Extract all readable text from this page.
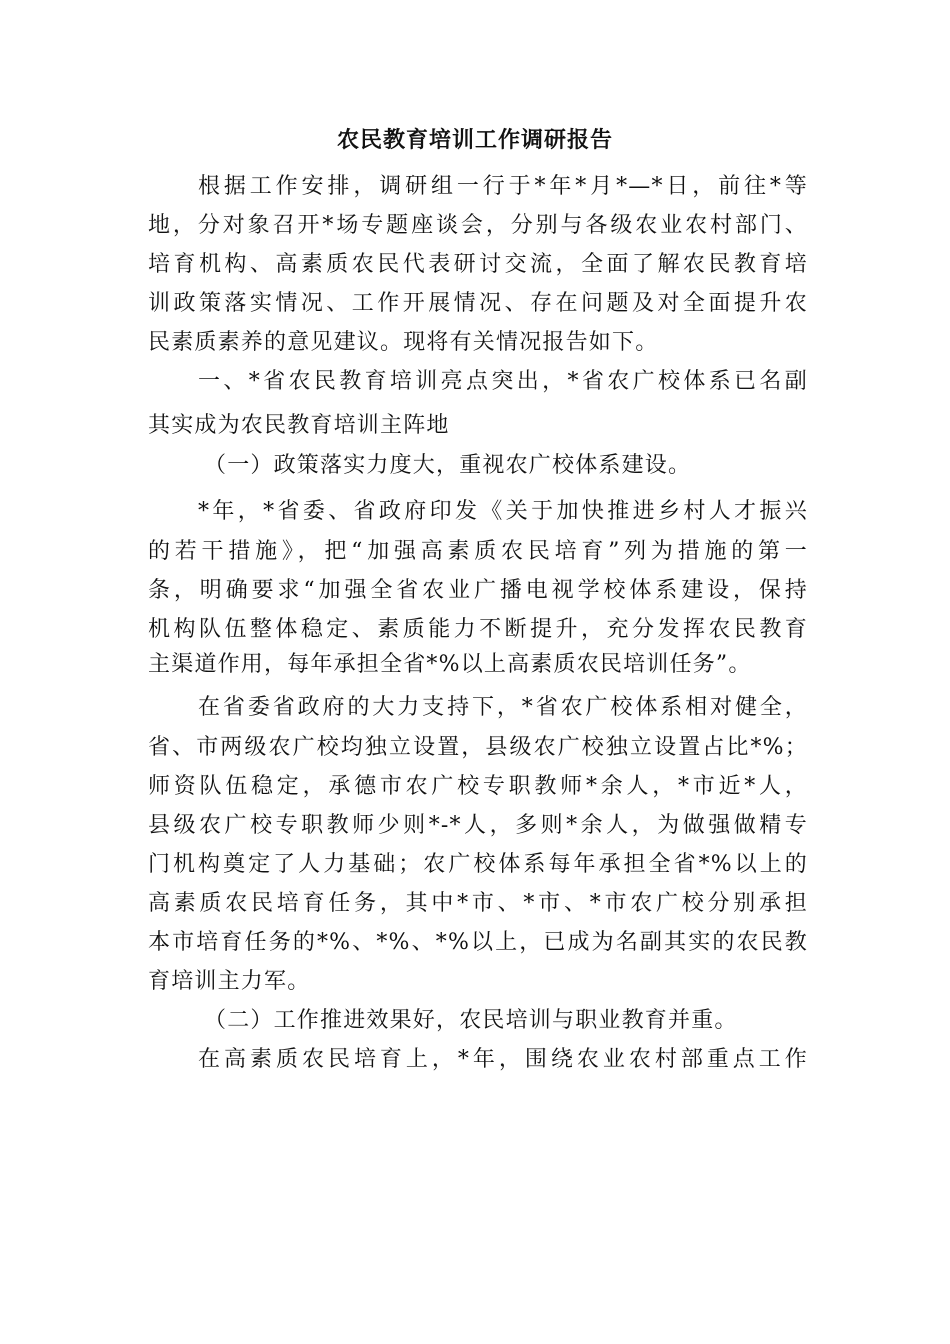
农民教育培训工作调研报告
根据工作安排，调研组一行于*年*月*—*日，前往*等
地，分对象召开*场专题座谈会，分别与各级农业农村部门、
培育机构、高素质农民代表研讨交流，全面了解农民教育培
训政策落实情况、工作开展情况、存在问题及对全面提升农
民素质素养的意见建议。现将有关情况报告如下。
一、*省农民教育培训亮点突出，*省农广校体系已名副
其实成为农民教育培训主阵地
（一）政策落实力度大，重视农广校体系建设。
*年，*省委、省政府印发《关于加快推进乡村人才振兴
的若干措施》，把“加强高素质农民培育”列为措施的第一
条，明确要求“加强全省农业广播电视学校体系建设，保持
机构队伍整体稳定、素质能力不断提升，充分发挥农民教育
主渠道作用，每年承担全省*%以上高素质农民培训任务”。
在省委省政府的大力支持下，*省农广校体系相对健全，
省、市两级农广校均独立设置，县级农广校独立设置占比*%；
师资队伍稳定，承德市农广校专职教师*余人，*市近*人，
县级农广校专职教师少则*-*人，多则*余人，为做强做精专
门机构奠定了人力基础；农广校体系每年承担全省*%以上的
高素质农民培育任务，其中*市、*市、*市农广校分别承担
本市培育任务的*%、*%、*%以上，已成为名副其实的农民教
育培训主力军。
（二）工作推进效果好，农民培训与职业教育并重。
在高素质农民培育上，*年，围绕农业农村部重点工作
